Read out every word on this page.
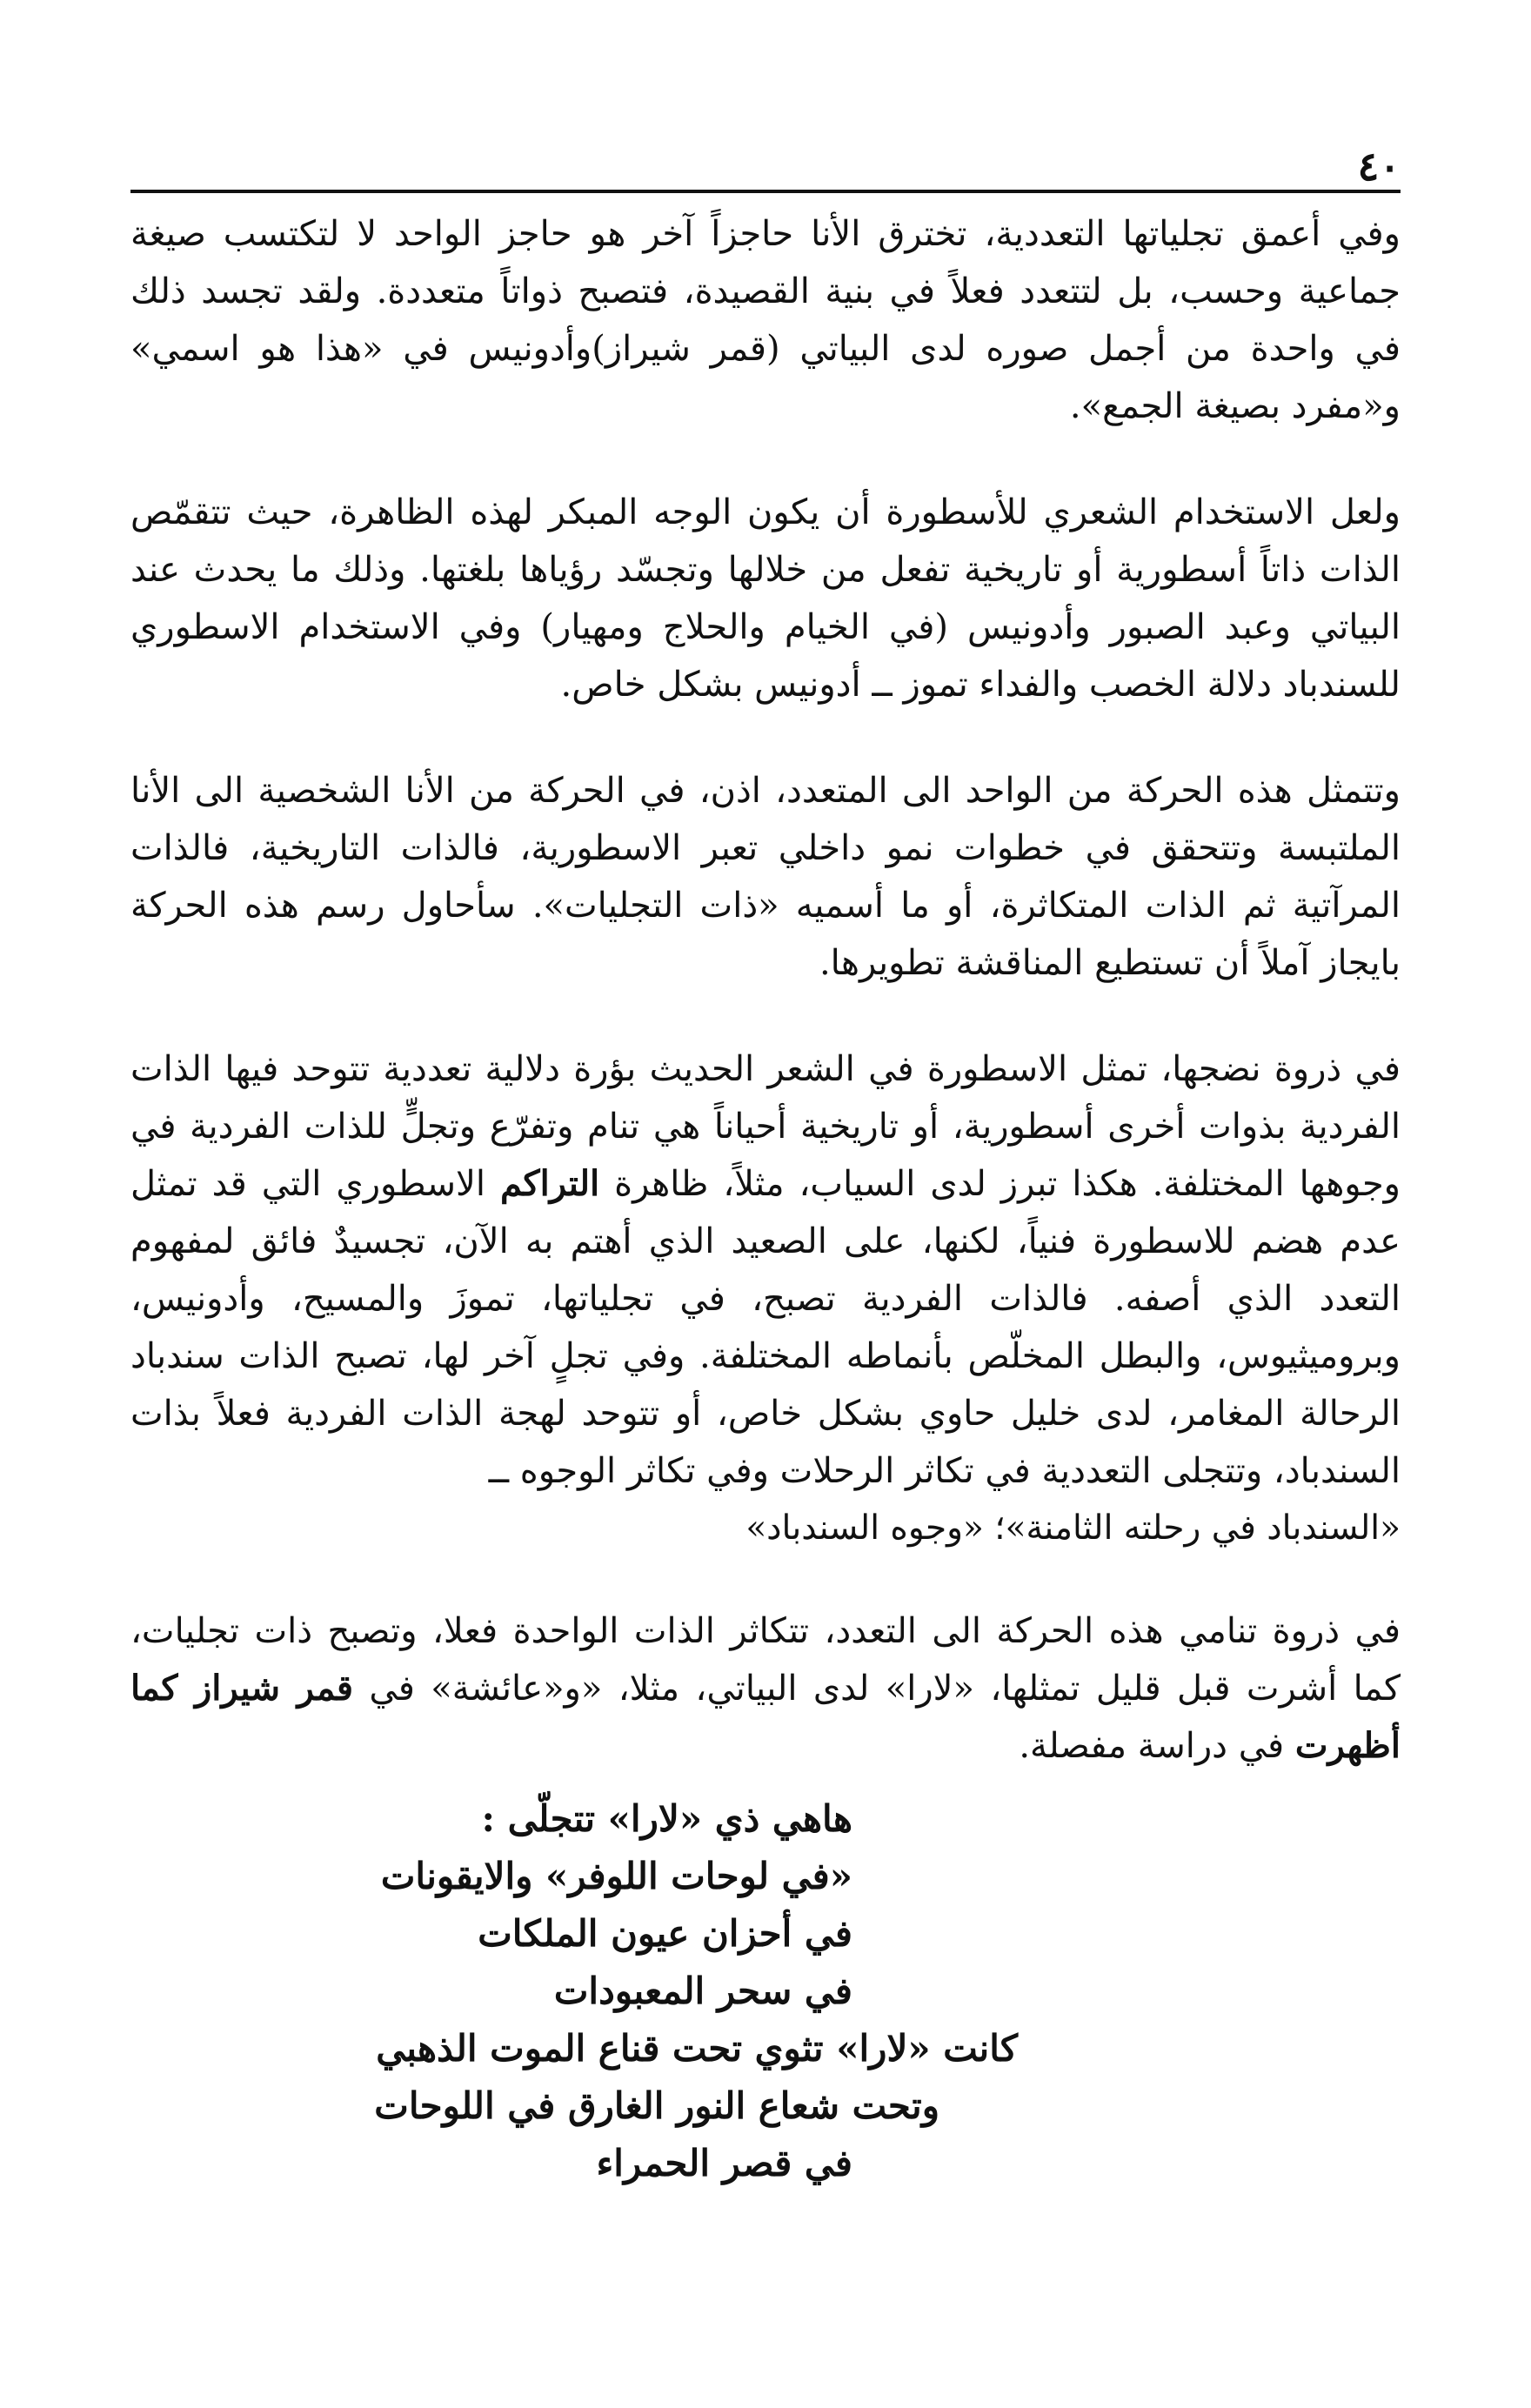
٤٠

وفي أعمق تجلياتها التعددية، تخترق الأنا حاجزاً آخر هو حاجز الواحد لا لتكتسب صيغة جماعية وحسب، بل لتتعدد فعلاً في بنية القصيدة، فتصبح ذواتاً متعددة. ولقد تجسد ذلك في واحدة من أجمل صوره لدى البياتي (قمر شيراز)وأدونيس في «هذا هو اسمي» و«مفرد بصيغة الجمع».

ولعل الاستخدام الشعري للأسطورة أن يكون الوجه المبكر لهذه الظاهرة، حيث تتقمّص الذات ذاتاً أسطورية أو تاريخية تفعل من خلالها وتجسّد رؤياها بلغتها. وذلك ما يحدث عند البياتي وعبد الصبور وأدونيس (في الخيام والحلاج ومهيار) وفي الاستخدام الاسطوري للسندباد دلالة الخصب والفداء تموز ــ أدونيس بشكل خاص.

وتتمثل هذه الحركة من الواحد الى المتعدد، اذن، في الحركة من الأنا الشخصية الى الأنا الملتبسة وتتحقق في خطوات نمو داخلي تعبر الاسطورية، فالذات التاريخية، فالذات المرآتية ثم الذات المتكاثرة، أو ما أسميه «ذات التجليات». سأحاول رسم هذه الحركة بايجاز آملاً أن تستطيع المناقشة تطويرها.

في ذروة نضجها، تمثل الاسطورة في الشعر الحديث بؤرة دلالية تعددية تتوحد فيها الذات الفردية بذوات أخرى أسطورية، أو تاريخية أحياناً هي تنام وتفرّع وتجلٍّ للذات الفردية في وجوهها المختلفة. هكذا تبرز لدى السياب، مثلاً، ظاهرة التراكم الاسطوري التي قد تمثل عدم هضم للاسطورة فنياً، لكنها، على الصعيد الذي أهتم به الآن، تجسيدٌ فائق لمفهوم التعدد الذي أصفه. فالذات الفردية تصبح، في تجلياتها، تموزَ والمسيح، وأدونيس، وبروميثيوس، والبطل المخلّص بأنماطه المختلفة. وفي تجلٍ آخر لها، تصبح الذات سندباد الرحالة المغامر، لدى خليل حاوي بشكل خاص، أو تتوحد لهجة الذات الفردية فعلاً بذات السندباد، وتتجلى التعددية في تكاثر الرحلات وفي تكاثر الوجوه ــ

«السندباد في رحلته الثامنة»؛ «وجوه السندباد»

في ذروة تنامي هذه الحركة الى التعدد، تتكاثر الذات الواحدة فعلا، وتصبح ذات تجليات، كما أشرت قبل قليل تمثلها، «لارا» لدى البياتي، مثلا، «و«عائشة» في قمر شيراز كما أظهرت في دراسة مفصلة.

هاهي ذي «لارا» تتجلّى :
«في لوحات اللوفر» والايقونات
في أحزان عيون الملكات
في سحر المعبودات
كانت «لارا» تثوي تحت قناع الموت الذهبي
وتحت شعاع النور الغارق في اللوحات
في قصر الحمراء
